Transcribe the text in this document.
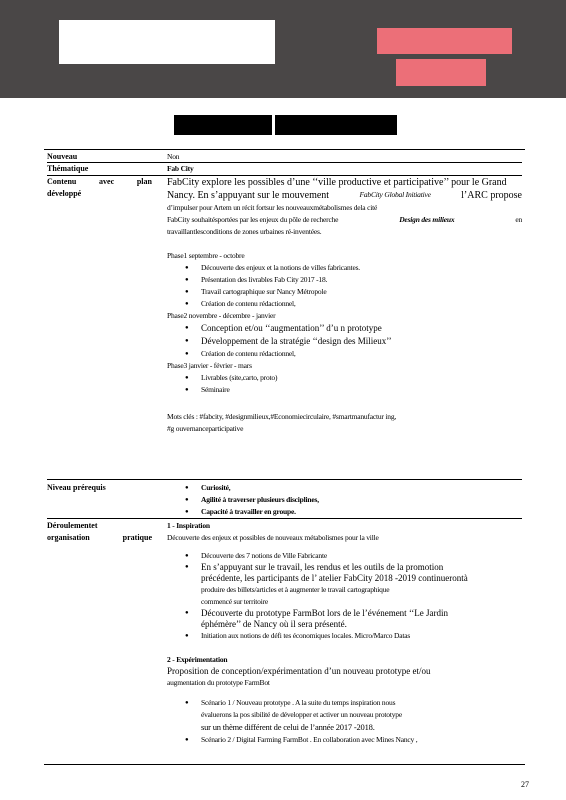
Nouveau	Non
Thématique	Fab City
Contenu	avec	plan
développé
FabCity explore les possibles d’une ‘‘ville productive et participative’’ pour le Grand
Nancy. En s’appuyant sur le mouvement	FabCity Global Initiative	l’ARC propose
d’impulser pour Artem un récit fortsur les nouveauxmétabolismes dela cité
FabCity souhaitésportées par les enjeux du pôle de recherche	Design des milieux	en
travaillantlesconditions de zones urbaines ré-inventées.
Phase1 septembre - octobre
● Découverte des enjeux et la notions de villes fabricantes.
● Présentation des livrables Fab City 2017 -18.
● Travail cartographique sur Nancy Métropole
● Création de contenu rédactionnel,
Phase2 novembre - décembre - janvier
● Conception et/ou ‘‘augmentation’’ d’u n prototype
● Développement de la stratégie ‘‘design des Milieux’’
● Création de contenu rédactionnel,
Phase3 janvier - février - mars
● Livrables (site,carto, proto)
● Séminaire
Mots clés : #fabcity, #designmilieux,#Economiecirculaire, #smartmanufactur ing,
#g ouvernanceparticipative
Niveau prérequis
●	Curiosité,
● Agilité à traverser plusieurs disciplines,
● Capacité à travailler en groupe.
Déroulementet
organisation	pratique
1 - Inspiration
Découverte des enjeux et possibles de nouveaux métabolismes pour la ville
● Découverte des 7 notions de Ville Fabricante
● En s’appuyant sur le travail, les rendus et les outils de la promotion
précédente, les participants de l’ atelier FabCity 2018 -2019 continuerontà
produire des billets/articles et à augmenter le travail cartographique
commencé sur territoire
● Découverte du prototype FarmBot lors de le l’événement ‘‘Le Jardin
éphémère’’ de Nancy où il sera présenté.
● Initiation aux notions de défi tes économiques locales. Micro/Marco Datas
2 - Expérimentation
Proposition de conception/expérimentation d’un nouveau prototype et/ou
augmentation du prototype FarmBot
● Scénario 1 / Nouveau prototype . A la suite du temps inspiration nous
évaluerons la pos sibilité de développer et activer un nouveau prototype
sur un thème différent de celui de l’année 2017 -2018.
● Scénario 2 / Digital Farming FarmBot . En collaboration avec Mines Nancy ,
27
